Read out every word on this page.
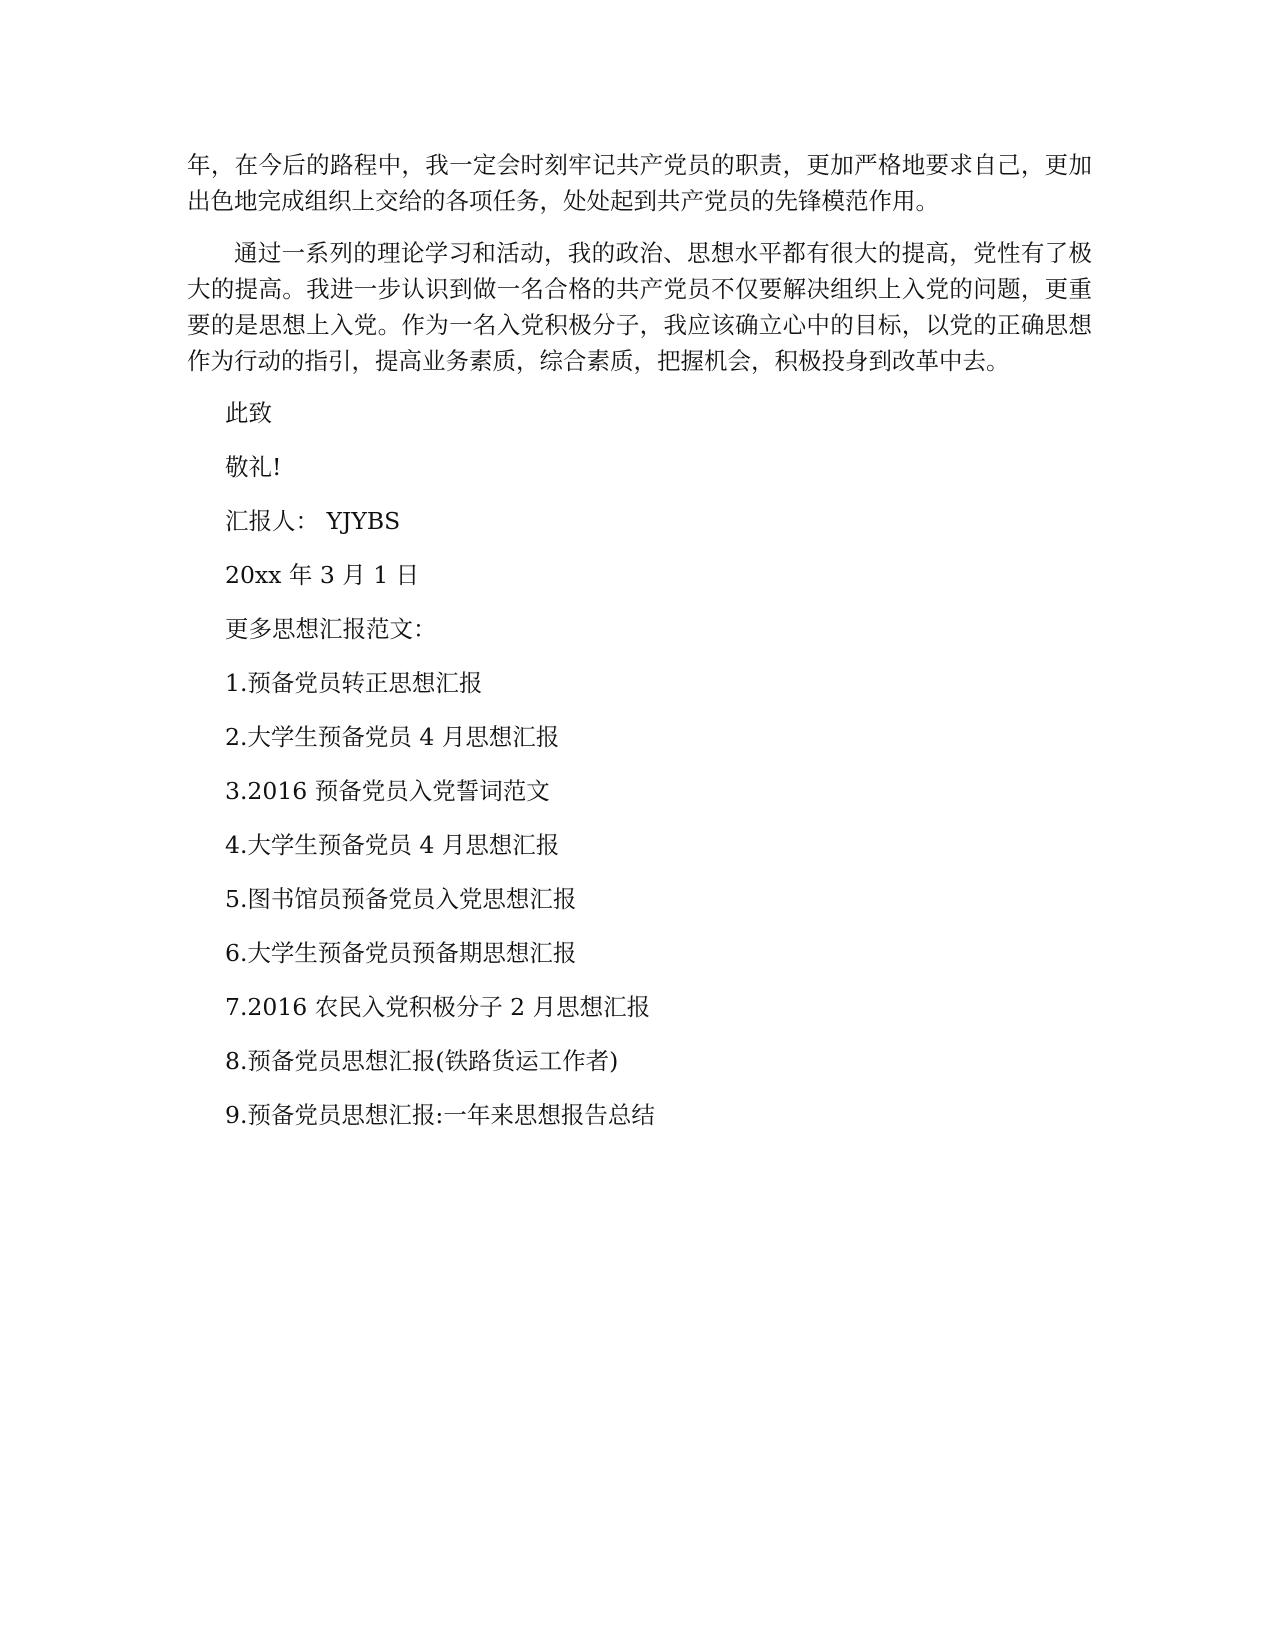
年，在今后的路程中，我一定会时刻牢记共产党员的职责，更加严格地要求自己，更加出色地完成组织上交给的各项任务，处处起到共产党员的先锋模范作用。

通过一系列的理论学习和活动，我的政治、思想水平都有很大的提高，党性有了极大的提高。我进一步认识到做一名合格的共产党员不仅要解决组织上入党的问题，更重要的是思想上入党。作为一名入党积极分子，我应该确立心中的目标，以党的正确思想作为行动的指引，提高业务素质，综合素质，把握机会，积极投身到改革中去。

此致

敬礼!

汇报人： YJYBS

20xx 年 3 月 1 日

更多思想汇报范文：

1.预备党员转正思想汇报
2.大学生预备党员 4 月思想汇报
3.2016 预备党员入党誓词范文
4.大学生预备党员 4 月思想汇报
5.图书馆员预备党员入党思想汇报
6.大学生预备党员预备期思想汇报
7.2016 农民入党积极分子 2 月思想汇报
8.预备党员思想汇报(铁路货运工作者)
9.预备党员思想汇报:一年来思想报告总结
